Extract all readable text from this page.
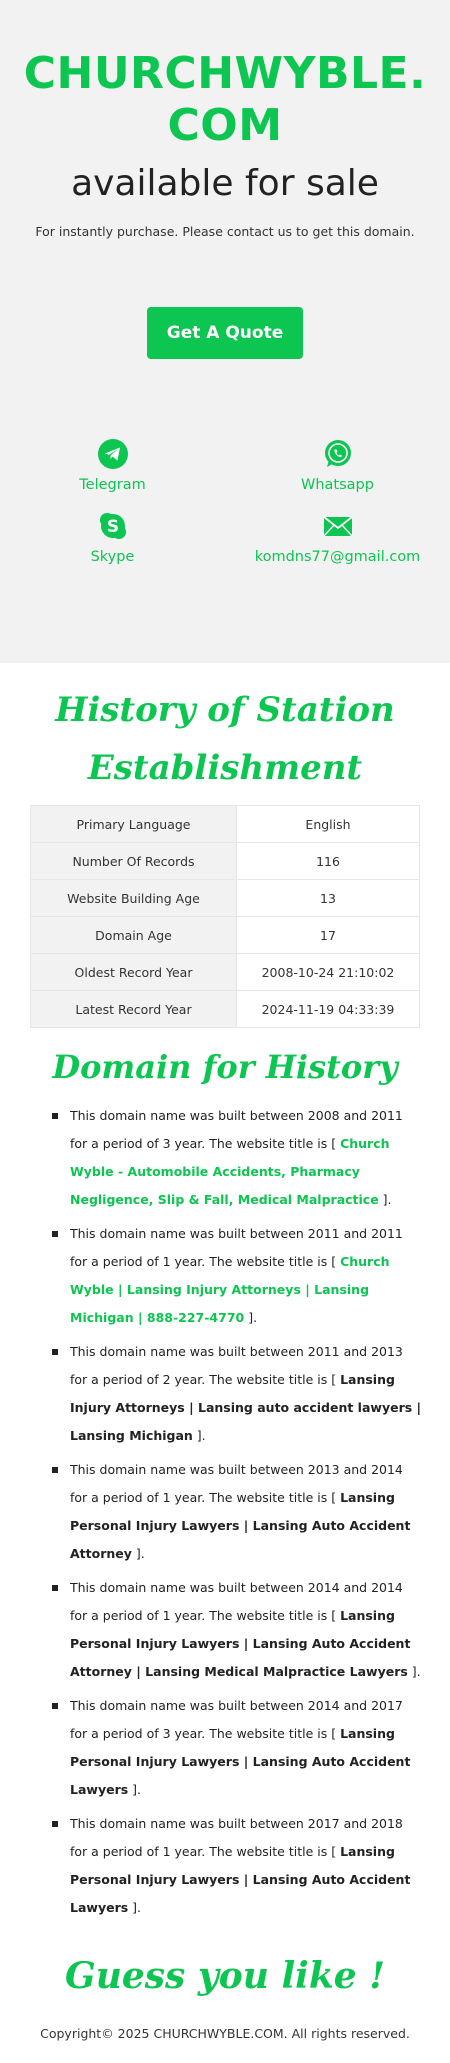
CHURCHWYBLE.COM
available for sale

For instantly purchase. Please contact us to get this domain.

Get A Quote
Telegram	Whatsapp
S
Skype	komdns77@gmail.com
History of Station Establishment
Primary Language	English
Number Of Records	116
Website Building Age	13
Domain Age	17
Oldest Record Year	2008-10-24 21:10:02
Latest Record Year	2024-11-19 04:33:39
Domain for History
This domain name was built between 2008 and 2011 for a period of 3 year. The website title is [ Church Wyble - Automobile Accidents, Pharmacy Negligence, Slip & Fall, Medical Malpractice ].
This domain name was built between 2011 and 2011 for a period of 1 year. The website title is [ Church Wyble | Lansing Injury Attorneys | Lansing Michigan | 888-227-4770 ].
This domain name was built between 2011 and 2013 for a period of 2 year. The website title is [ Lansing Injury Attorneys | Lansing auto accident lawyers | Lansing Michigan ].
This domain name was built between 2013 and 2014 for a period of 1 year. The website title is [ Lansing Personal Injury Lawyers | Lansing Auto Accident Attorney ].
This domain name was built between 2014 and 2014 for a period of 1 year. The website title is [ Lansing Personal Injury Lawyers | Lansing Auto Accident Attorney | Lansing Medical Malpractice Lawyers ].
This domain name was built between 2014 and 2017 for a period of 3 year. The website title is [ Lansing Personal Injury Lawyers | Lansing Auto Accident Lawyers ].
This domain name was built between 2017 and 2018 for a period of 1 year. The website title is [ Lansing Personal Injury Lawyers | Lansing Auto Accident Lawyers ].
Guess you like !

Copyright© 2025 CHURCHWYBLE.COM. All rights reserved.
